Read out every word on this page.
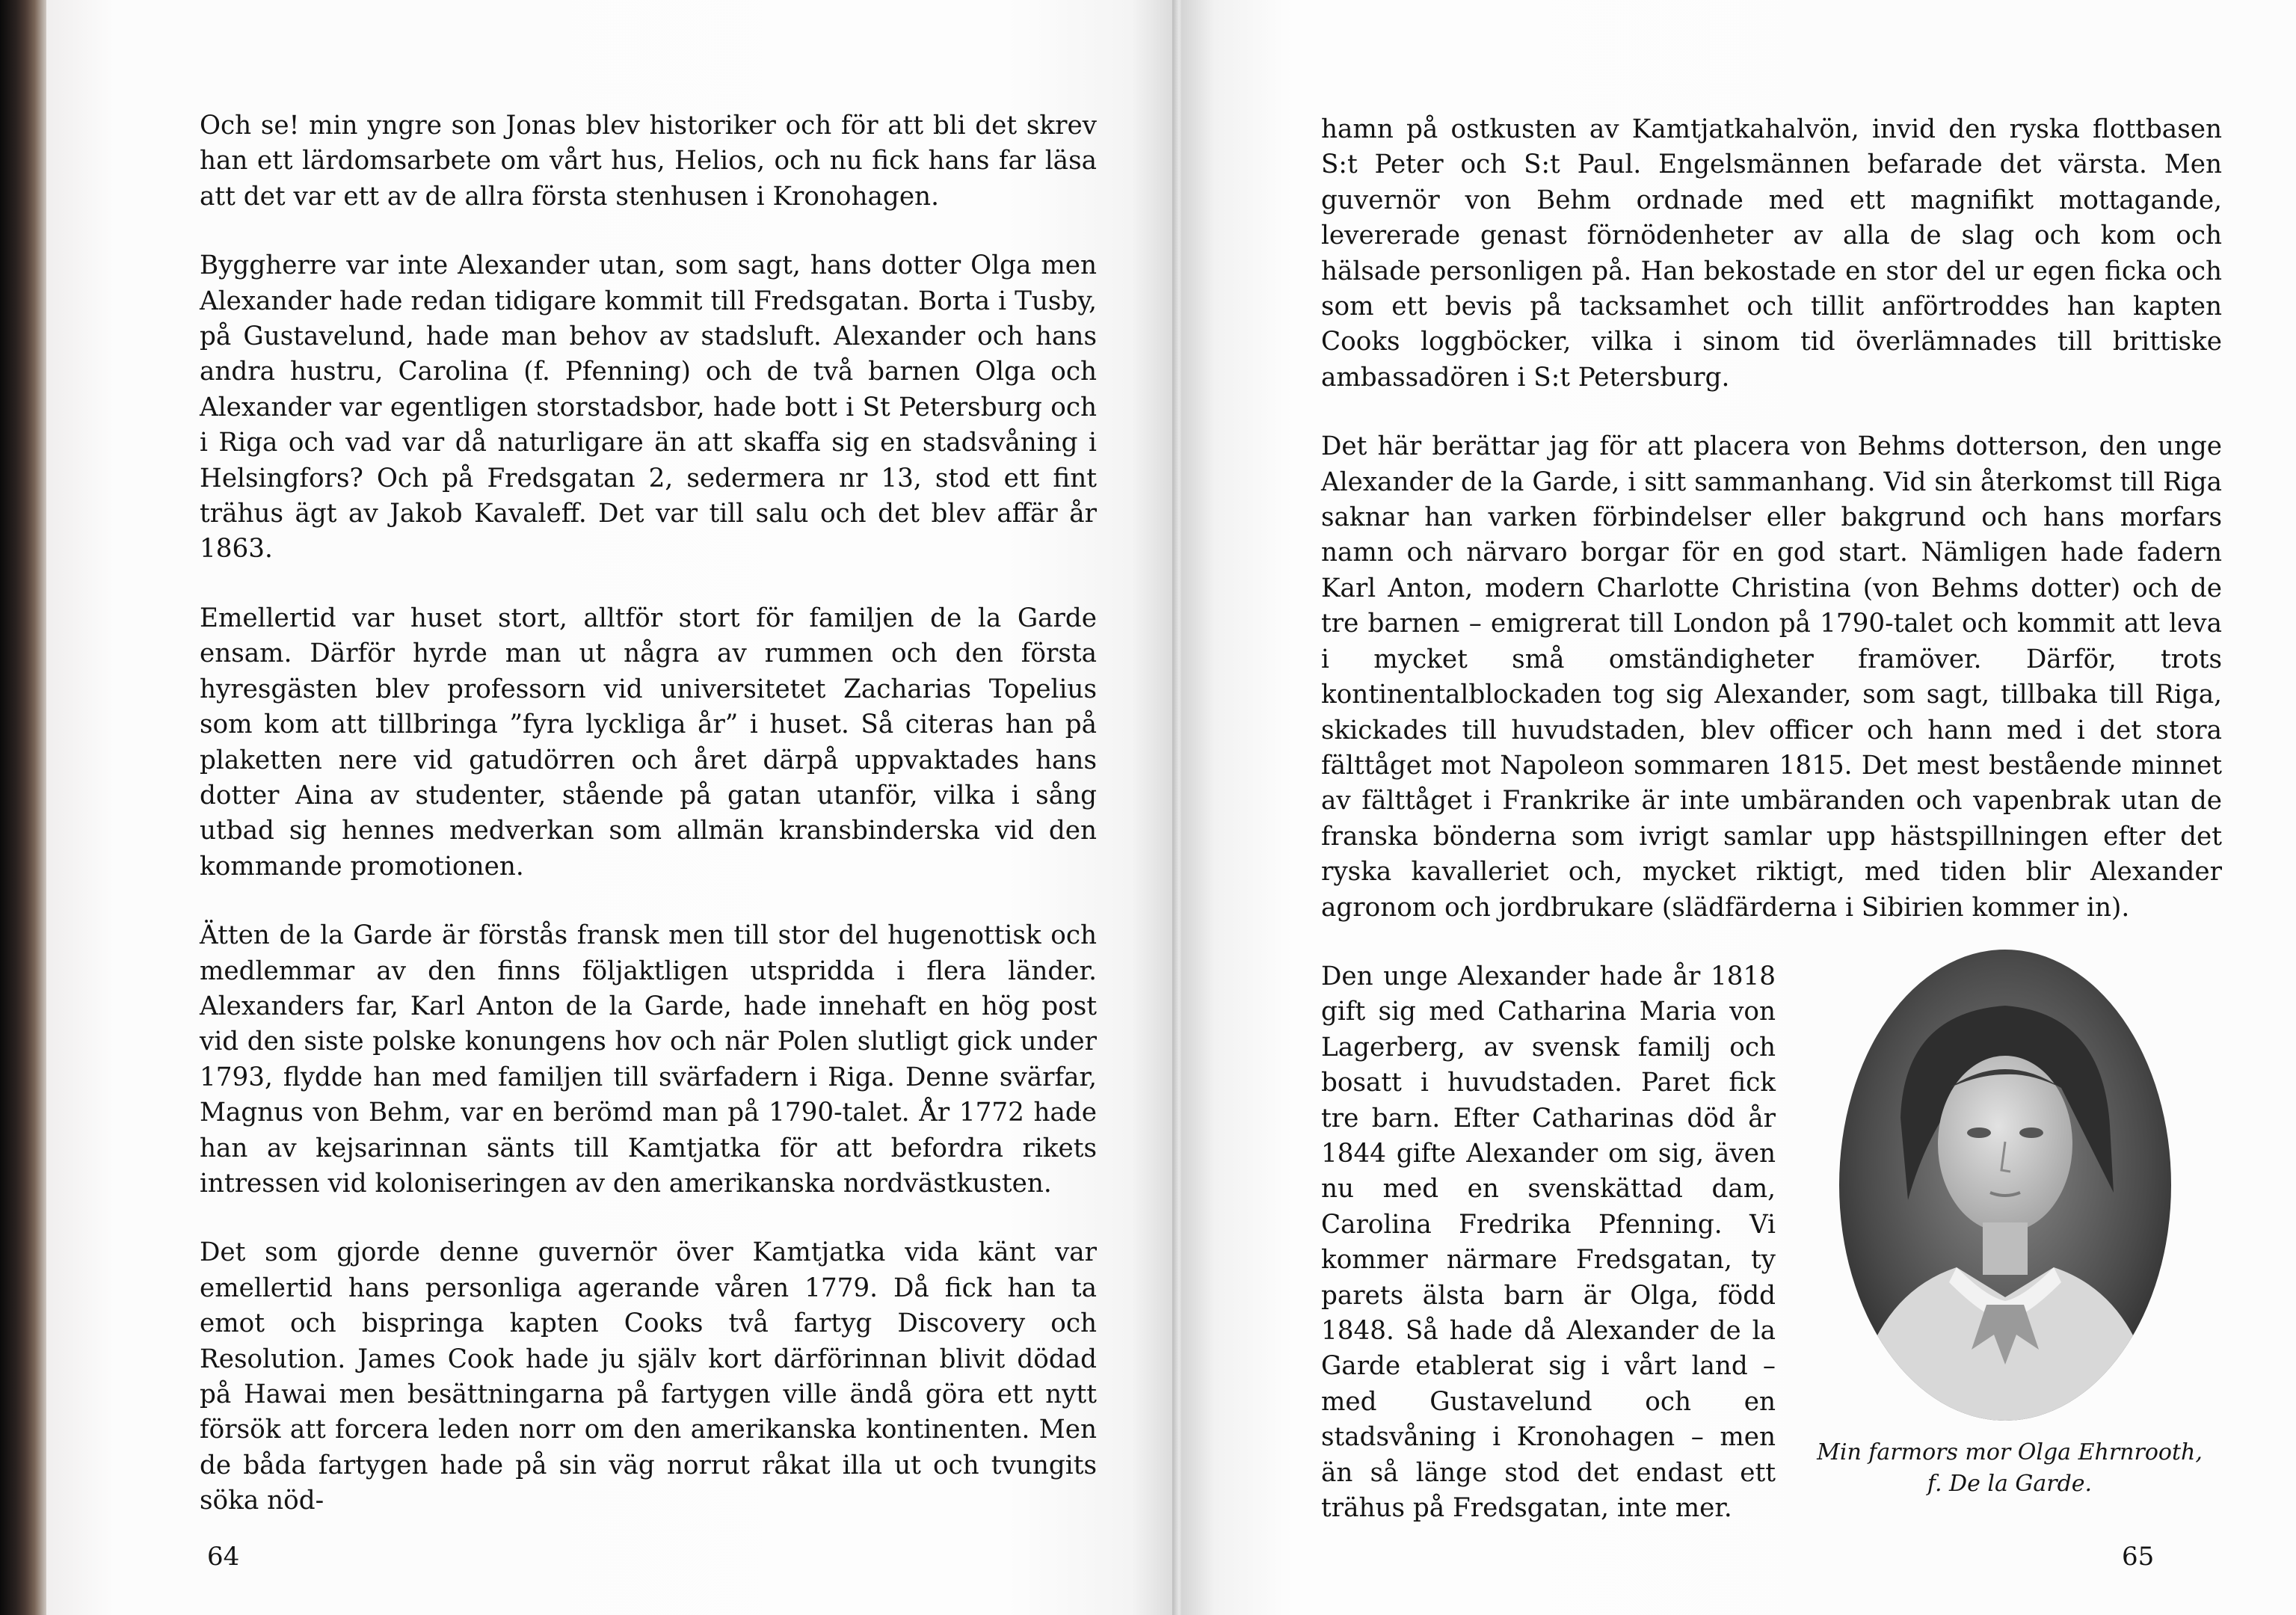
Och se! min yngre son Jonas blev historiker och för att bli det skrev han ett lärdomsarbete om vårt hus, Helios, och nu fick hans far läsa att det var ett av de allra första stenhusen i Kronohagen.

Byggherre var inte Alexander utan, som sagt, hans dotter Olga men Alexander hade redan tidigare kommit till Fredsgatan. Borta i Tusby, på Gustavelund, hade man behov av stadsluft. Alexander och hans andra hustru, Carolina (f. Pfenning) och de två barnen Olga och Alexander var egentligen storstadsbor, hade bott i St Petersburg och i Riga och vad var då naturligare än att skaffa sig en stadsvåning i Helsingfors? Och på Fredsgatan 2, sedermera nr 13, stod ett fint trähus ägt av Jakob Kavaleff. Det var till salu och det blev affär år 1863.

Emellertid var huset stort, alltför stort för familjen de la Garde ensam. Därför hyrde man ut några av rummen och den första hyresgästen blev professorn vid universitetet Zacharias Topelius som kom att tillbringa ”fyra lyckliga år” i huset. Så citeras han på plaketten nere vid gatudörren och året därpå uppvaktades hans dotter Aina av studenter, stående på gatan utanför, vilka i sång utbad sig hennes medverkan som allmän kransbinderska vid den kommande promotionen.

Ätten de la Garde är förstås fransk men till stor del hugenottisk och medlemmar av den finns följaktligen utspridda i flera länder. Alexanders far, Karl Anton de la Garde, hade innehaft en hög post vid den siste polske konungens hov och när Polen slutligt gick under 1793, flydde han med familjen till svärfadern i Riga. Denne svärfar, Magnus von Behm, var en berömd man på 1790-talet. År 1772 hade han av kejsarinnan sänts till Kamtjatka för att befordra rikets intressen vid koloniseringen av den amerikanska nordvästkusten.

Det som gjorde denne guvernör över Kamtjatka vida känt var emellertid hans personliga agerande våren 1779. Då fick han ta emot och bispringa kapten Cooks två fartyg Discovery och Resolution. James Cook hade ju själv kort därförinnan blivit dödad på Hawai men besättningarna på fartygen ville ändå göra ett nytt försök att forcera leden norr om den amerikanska kontinenten. Men de båda fartygen hade på sin väg norrut råkat illa ut och tvungits söka nöd-

64

hamn på ostkusten av Kamtjatkahalvön, invid den ryska flottbasen S:t Peter och S:t Paul. Engelsmännen befarade det värsta. Men guvernör von Behm ordnade med ett magnifikt mottagande, levererade genast förnödenheter av alla de slag och kom och hälsade personligen på. Han bekostade en stor del ur egen ficka och som ett bevis på tacksamhet och tillit anförtroddes han kapten Cooks loggböcker, vilka i sinom tid överlämnades till brittiske ambassadören i S:t Petersburg.

Det här berättar jag för att placera von Behms dotterson, den unge Alexander de la Garde, i sitt sammanhang. Vid sin återkomst till Riga saknar han varken förbindelser eller bakgrund och hans morfars namn och närvaro borgar för en god start. Nämligen hade fadern Karl Anton, modern Charlotte Christina (von Behms dotter) och de tre barnen – emigrerat till London på 1790-talet och kommit att leva i mycket små omständigheter framöver. Därför, trots kontinentalblockaden tog sig Alexander, som sagt, tillbaka till Riga, skickades till huvudstaden, blev officer och hann med i det stora fälttåget mot Napoleon sommaren 1815. Det mest bestående minnet av fälttåget i Frankrike är inte umbäranden och vapenbrak utan de franska bönderna som ivrigt samlar upp hästspillningen efter det ryska kavalleriet och, mycket riktigt, med tiden blir Alexander agronom och jordbrukare (slädfärderna i Sibirien kommer in).

Den unge Alexander hade år 1818 gift sig med Catharina Maria von Lagerberg, av svensk familj och bosatt i huvudstaden. Paret fick tre barn. Efter Catharinas död år 1844 gifte Alexander om sig, även nu med en svenskättad dam, Carolina Fredrika Pfenning. Vi kommer närmare Fredsgatan, ty parets älsta barn är Olga, född 1848. Så hade då Alexander de la Garde etablerat sig i vårt land – med Gustavelund och en stadsvåning i Kronohagen – men än så länge stod det endast ett trähus på Fredsgatan, inte mer.

Min farmors mor Olga Ehrnrooth,
f. De la Garde.
65
